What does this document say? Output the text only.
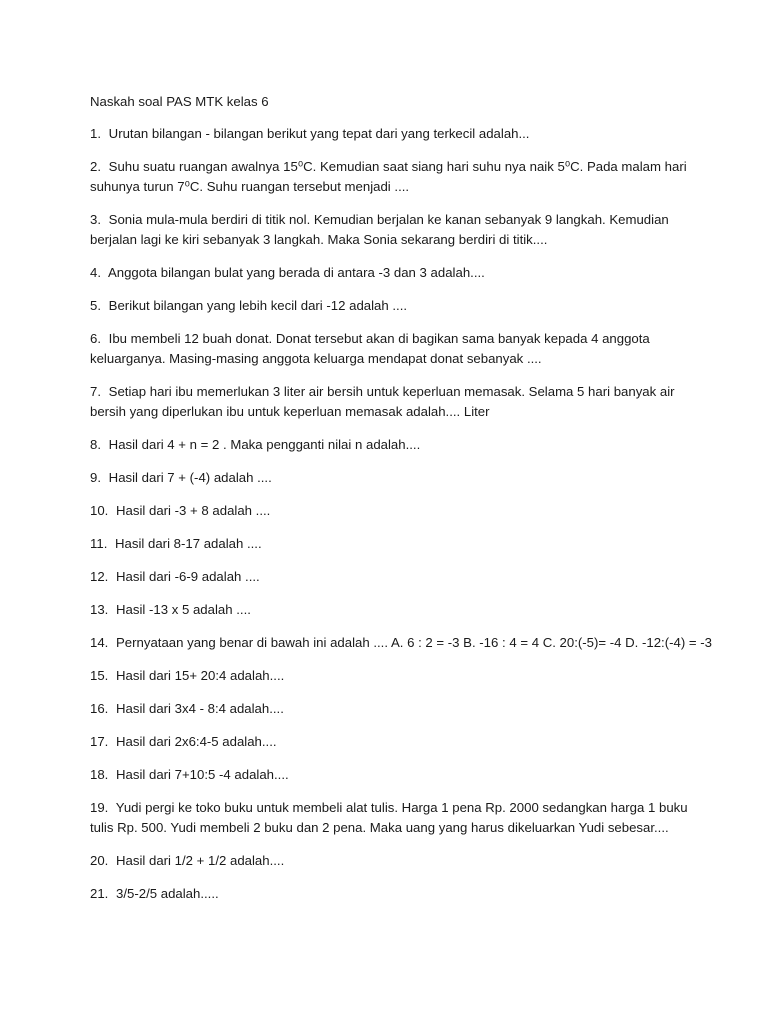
Naskah soal PAS MTK kelas 6
1. Urutan bilangan - bilangan berikut yang tepat dari yang terkecil adalah...
2. Suhu suatu ruangan awalnya 15⁰C. Kemudian saat siang hari suhu nya naik 5⁰C. Pada malam hari suhunya turun 7⁰C. Suhu ruangan tersebut menjadi ....
3. Sonia mula-mula berdiri di titik nol. Kemudian berjalan ke kanan sebanyak 9 langkah. Kemudian berjalan lagi ke kiri sebanyak 3 langkah. Maka Sonia sekarang berdiri di titik....
4. Anggota bilangan bulat yang berada di antara -3 dan 3 adalah....
5. Berikut bilangan yang lebih kecil dari -12 adalah ....
6. Ibu membeli 12 buah donat. Donat tersebut akan di bagikan sama banyak kepada 4 anggota keluarganya. Masing-masing anggota keluarga mendapat donat sebanyak ....
7. Setiap hari ibu memerlukan 3 liter air bersih untuk keperluan memasak. Selama 5 hari banyak air bersih yang diperlukan ibu untuk keperluan memasak adalah.... Liter
8. Hasil dari 4 + n = 2 . Maka pengganti nilai n adalah....
9. Hasil dari 7 + (-4) adalah ....
10. Hasil dari -3 + 8 adalah ....
11. Hasil dari 8-17 adalah ....
12. Hasil dari -6-9 adalah ....
13. Hasil -13 x 5 adalah ....
14. Pernyataan yang benar di bawah ini adalah .... A. 6 : 2 = -3 B. -16 : 4 = 4 C. 20:(-5)= -4 D. -12:(-4) = -3
15. Hasil dari 15+ 20:4 adalah....
16. Hasil dari 3x4 - 8:4 adalah....
17. Hasil dari 2x6:4-5 adalah....
18. Hasil dari 7+10:5 -4 adalah....
19. Yudi pergi ke toko buku untuk membeli alat tulis. Harga 1 pena Rp. 2000 sedangkan harga 1 buku tulis Rp. 500. Yudi membeli 2 buku dan 2 pena. Maka uang yang harus dikeluarkan Yudi sebesar....
20. Hasil dari 1/2 + 1/2 adalah....
21. 3/5-2/5 adalah.....
